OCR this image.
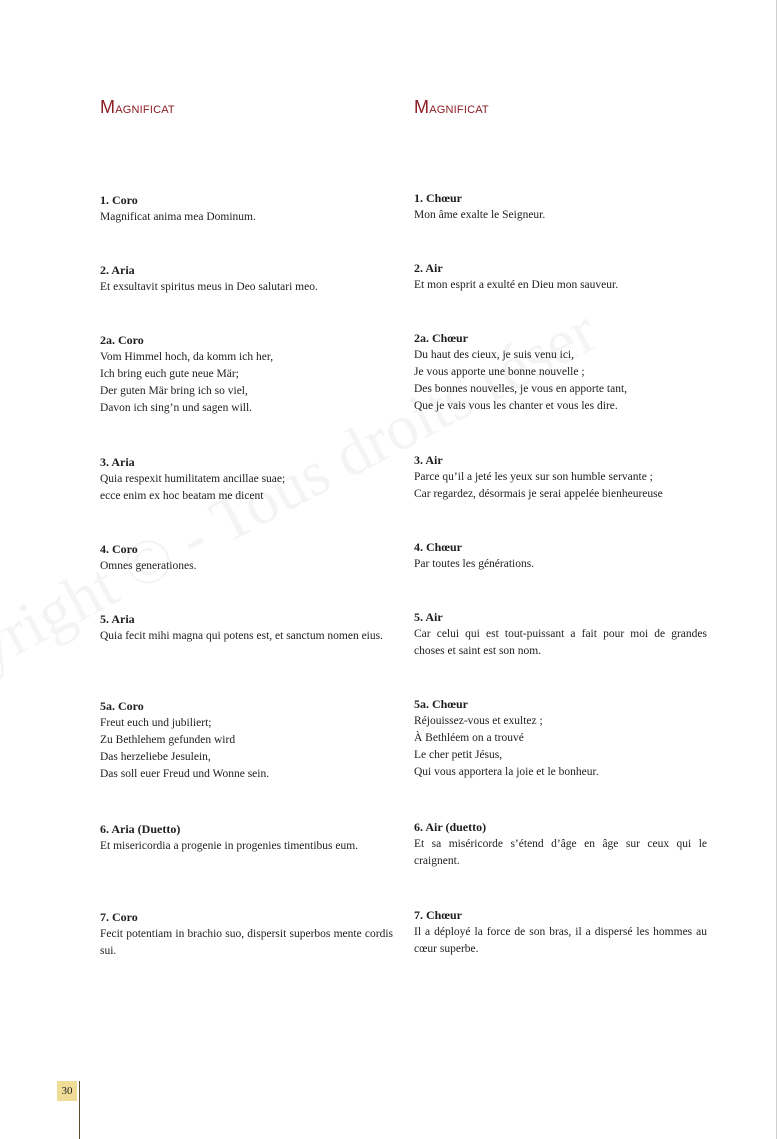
Magnificat

1. Coro

Magnificat anima mea Dominum.

2. Aria

Et exsultavit spiritus meus in Deo salutari meo.

2a. Coro

Vom Himmel hoch, da komm ich her,

Ich bring euch gute neue Mär;

Der guten Mär bring ich so viel,

Davon ich sing’n und sagen will.

3. Aria

Quia respexit humilitatem ancillae suae;

ecce enim ex hoc beatam me dicent

4. Coro

Omnes generationes.

5. Aria

Quia fecit mihi magna qui potens est, et sanctum nomen eius.

5a. Coro

Freut euch und jubiliert;

Zu Bethlehem gefunden wird

Das herzeliebe Jesulein,

Das soll euer Freud und Wonne sein.

6. Aria (Duetto)

Et misericordia a progenie in progenies timentibus eum.

7. Coro

Fecit potentiam in brachio suo, dispersit superbos mente cordis sui.

Magnificat

1. Chœur

Mon âme exalte le Seigneur.

2. Air

Et mon esprit a exulté en Dieu mon sauveur.

2a. Chœur

Du haut des cieux, je suis venu ici,

Je vous apporte une bonne nouvelle ;

Des bonnes nouvelles, je vous en apporte tant,

Que je vais vous les chanter et vous les dire.

3. Air

Parce qu’il a jeté les yeux sur son humble servante ;

Car regardez, désormais je serai appelée bienheureuse

4. Chœur

Par toutes les générations.

5. Air

Car celui qui est tout-puissant a fait pour moi de grandes choses et saint est son nom.

5a. Chœur

Réjouissez-vous et exultez ;

À Bethléem on a trouvé

Le cher petit Jésus,

Qui vous apportera la joie et le bonheur.

6. Air (duetto)

Et sa miséricorde s’étend d’âge en âge sur ceux qui le craignent.

7. Chœur

Il a déployé la force de son bras, il a dispersé les hommes au cœur superbe.

30
